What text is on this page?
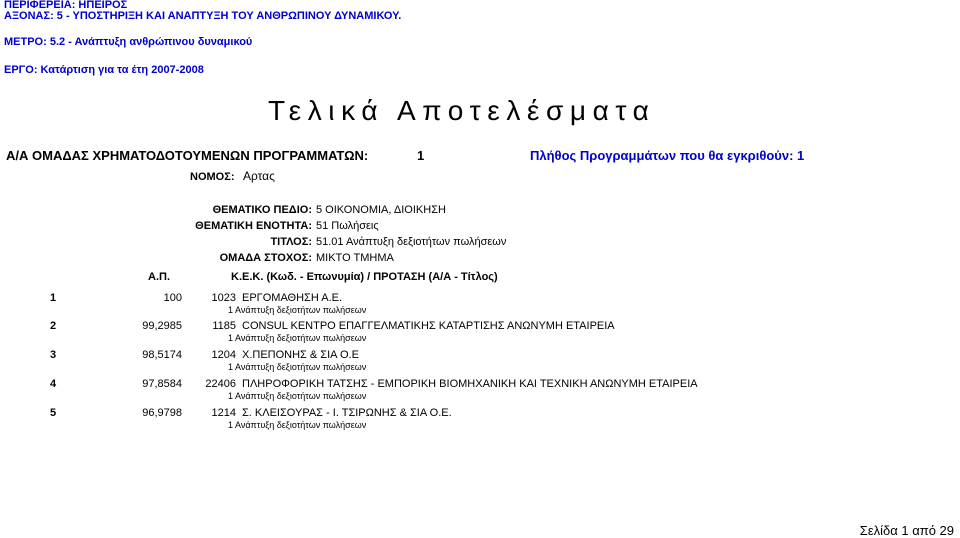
ΠΕΡΙΦΕΡΕΙΑ: ΗΠΕΙΡΟΣ
ΑΞΟΝΑΣ: 5 - ΥΠΟΣΤΗΡΙΞΗ ΚΑΙ ΑΝΑΠΤΥΞΗ ΤΟΥ ΑΝΘΡΩΠΙΝΟΥ ΔΥΝΑΜΙΚΟΥ.
ΜΕΤΡΟ: 5.2 - Ανάπτυξη ανθρώπινου δυναμικού
ΕΡΓΟ: Κατάρτιση για τα έτη 2007-2008
Τελικά Αποτελέσματα
Α/Α ΟΜΑΔΑΣ ΧΡΗΜΑΤΟΔΟΤΟΥΜΕΝΩΝ ΠΡΟΓΡΑΜΜΑΤΩΝ:	1	Πλήθος Προγραμμάτων που θα εγκριθούν: 1
ΝΟΜΟΣ: Αρτας
ΘΕΜΑΤΙΚΟ ΠΕΔΙΟ: 5 ΟΙΚΟΝΟΜΙΑ, ΔΙΟΙΚΗΣΗ
ΘΕΜΑΤΙΚΗ ΕΝΟΤΗΤΑ: 51 Πωλήσεις
ΤΙΤΛΟΣ: 51.01 Ανάπτυξη δεξιοτήτων πωλήσεων
ΟΜΑΔΑ ΣΤΟΧΟΣ: ΜΙΚΤΟ ΤΜΗΜΑ
Α.Π.	Κ.Ε.Κ. (Κωδ. - Επωνυμία) / ΠΡΟΤΑΣΗ (Α/Α - Τίτλος)
1	100	1023 ΕΡΓΟΜΑΘΗΣΗ Α.Ε.
1 Ανάπτυξη δεξιοτήτων πωλήσεων
2	99,2985	1185 CONSUL ΚΕΝΤΡΟ ΕΠΑΓΓΕΛΜΑΤΙΚΗΣ ΚΑΤΑΡΤΙΣΗΣ ΑΝΩΝΥΜΗ ΕΤΑΙΡΕΙΑ
1 Ανάπτυξη δεξιοτήτων πωλήσεων
3	98,5174	1204 Χ.ΠΕΠΟΝΗΣ & ΣΙΑ Ο.Ε
1 Ανάπτυξη δεξιοτήτων πωλήσεων
4	97,8584	22406 ΠΛΗΡΟΦΟΡΙΚΗ ΤΑΤΣΗΣ - ΕΜΠΟΡΙΚΗ ΒΙΟΜΗΧΑΝΙΚΗ ΚΑΙ ΤΕΧΝΙΚΗ ΑΝΩΝΥΜΗ ΕΤΑΙΡΕΙΑ
1 Ανάπτυξη δεξιοτήτων πωλήσεων
5	96,9798	1214 Σ. ΚΛΕΙΣΟΥΡΑΣ - Ι. ΤΣΙΡΩΝΗΣ & ΣΙΑ Ο.Ε.
1 Ανάπτυξη δεξιοτήτων πωλήσεων
Σελίδα 1 από 29
